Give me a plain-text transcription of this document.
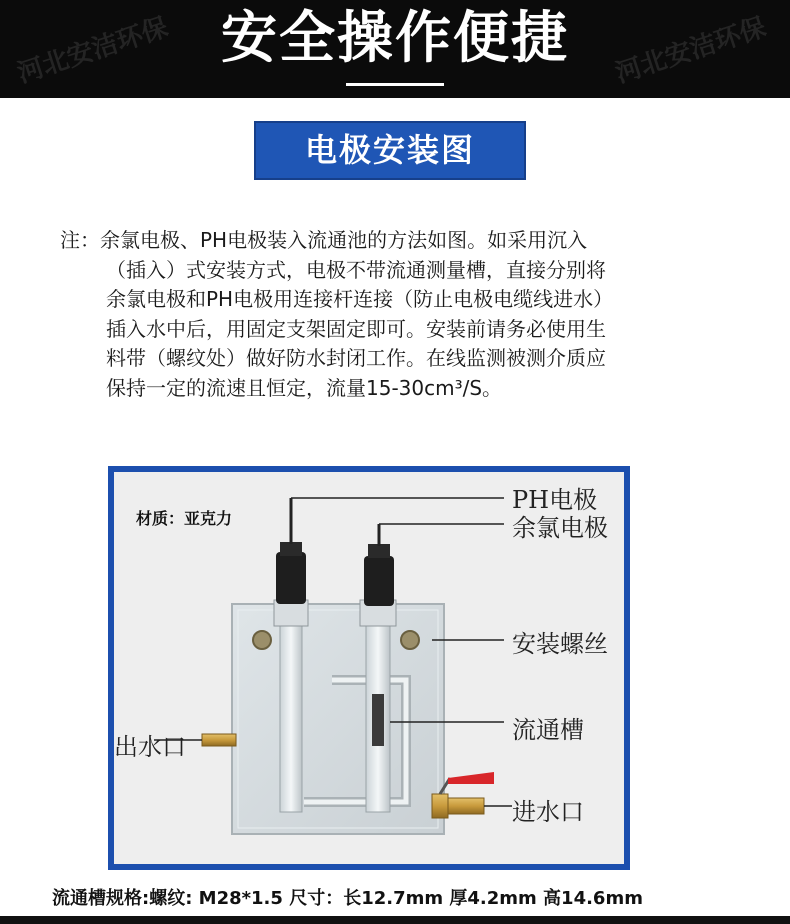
河北安洁环保	河北安洁环保
安全操作便捷
电极安装图
注：余氯电极、PH电极装入流通池的方法如图。如采用沉入
（插入）式安装方式，电极不带流通测量槽，直接分别将
余氯电极和PH电极用连接杆连接（防止电极电缆线进水）
插入水中后，用固定支架固定即可。安装前请务必使用生
料带（螺纹处）做好防水封闭工作。在线监测被测介质应
保持一定的流速且恒定，流量15-30cm³/S。
材质：亚克力
PH电极
余氯电极
安装螺丝
出水口
流通槽
进水口
流通槽规格:螺纹: M28*1.5 尺寸：长12.7mm 厚4.2mm 高14.6mm
